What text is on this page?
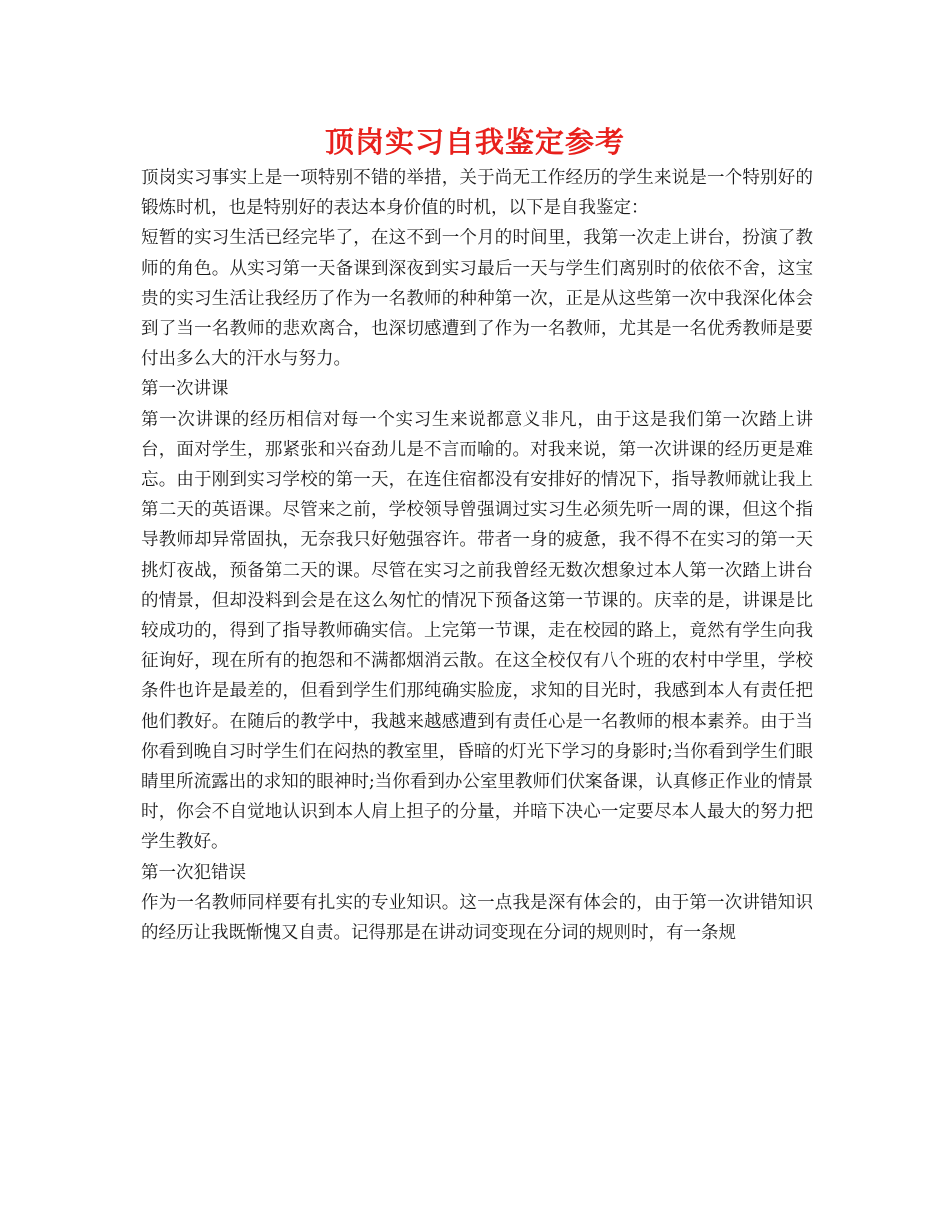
顶岗实习自我鉴定参考

顶岗实习事实上是一项特别不错的举措，关于尚无工作经历的学生来说是一个特别好的锻炼时机，也是特别好的表达本身价值的时机，以下是自我鉴定：

短暂的实习生活已经完毕了，在这不到一个月的时间里，我第一次走上讲台，扮演了教师的角色。从实习第一天备课到深夜到实习最后一天与学生们离别时的依依不舍，这宝贵的实习生活让我经历了作为一名教师的种种第一次，正是从这些第一次中我深化体会到了当一名教师的悲欢离合，也深切感遭到了作为一名教师，尤其是一名优秀教师是要付出多么大的汗水与努力。

第一次讲课

第一次讲课的经历相信对每一个实习生来说都意义非凡，由于这是我们第一次踏上讲台，面对学生，那紧张和兴奋劲儿是不言而喻的。对我来说，第一次讲课的经历更是难忘。由于刚到实习学校的第一天，在连住宿都没有安排好的情况下，指导教师就让我上第二天的英语课。尽管来之前，学校领导曾强调过实习生必须先听一周的课，但这个指导教师却异常固执，无奈我只好勉强容许。带者一身的疲惫，我不得不在实习的第一天挑灯夜战，预备第二天的课。尽管在实习之前我曾经无数次想象过本人第一次踏上讲台的情景，但却没料到会是在这么匆忙的情况下预备这第一节课的。庆幸的是，讲课是比较成功的，得到了指导教师确实信。上完第一节课，走在校园的路上，竟然有学生向我征询好，现在所有的抱怨和不满都烟消云散。在这全校仅有八个班的农村中学里，学校条件也许是最差的，但看到学生们那纯确实脸庞，求知的目光时，我感到本人有责任把他们教好。在随后的教学中，我越来越感遭到有责任心是一名教师的根本素养。由于当你看到晚自习时学生们在闷热的教室里，昏暗的灯光下学习的身影时;当你看到学生们眼睛里所流露出的求知的眼神时;当你看到办公室里教师们伏案备课，认真修正作业的情景时，你会不自觉地认识到本人肩上担子的分量，并暗下决心一定要尽本人最大的努力把学生教好。

第一次犯错误

作为一名教师同样要有扎实的专业知识。这一点我是深有体会的，由于第一次讲错知识的经历让我既惭愧又自责。记得那是在讲动词变现在分词的规则时，有一条规
